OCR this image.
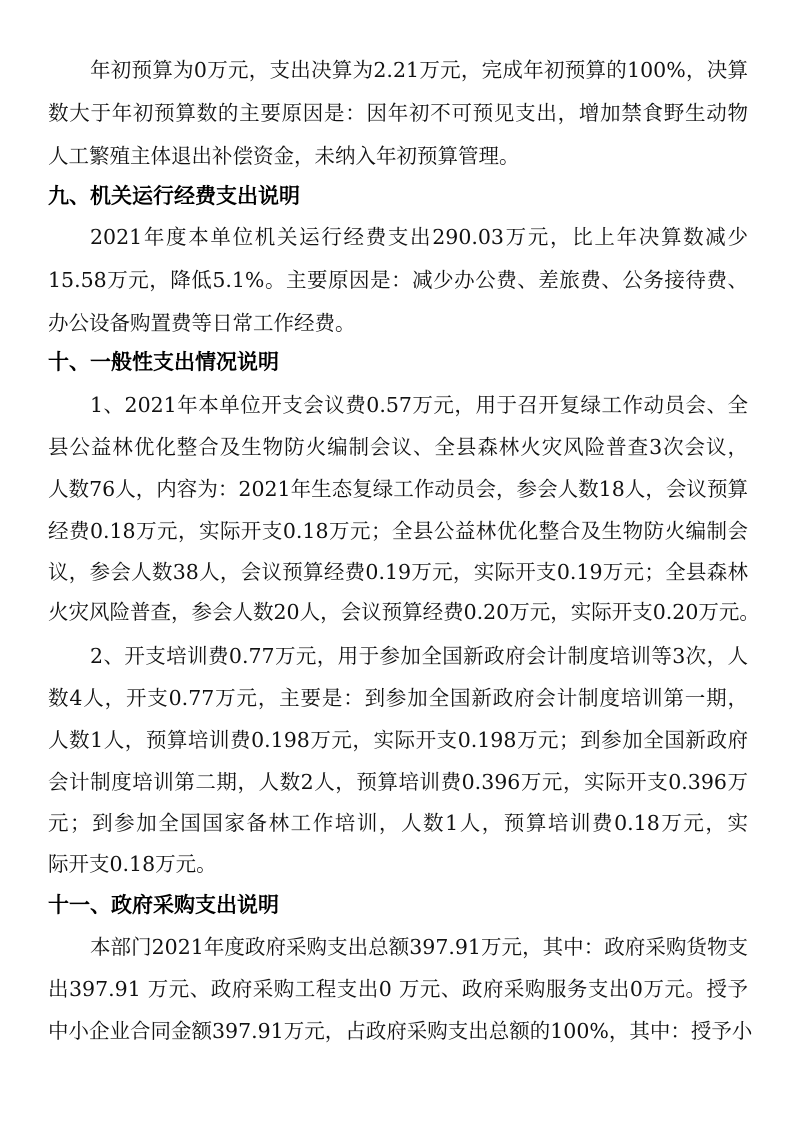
年初预算为0万元，支出决算为2.21万元，完成年初预算的100%，决算
数大于年初预算数的主要原因是：因年初不可预见支出，增加禁食野生动物
人工繁殖主体退出补偿资金，未纳入年初预算管理。
九、机关运行经费支出说明
2021年度本单位机关运行经费支出290.03万元，比上年决算数减少
15.58万元，降低5.1%。主要原因是：减少办公费、差旅费、公务接待费、
办公设备购置费等日常工作经费。
十、一般性支出情况说明
1、2021年本单位开支会议费0.57万元，用于召开复绿工作动员会、全
县公益林优化整合及生物防火编制会议、全县森林火灾风险普查3次会议，
人数76人，内容为：2021年生态复绿工作动员会，参会人数18人，会议预算
经费0.18万元，实际开支0.18万元；全县公益林优化整合及生物防火编制会
议，参会人数38人，会议预算经费0.19万元，实际开支0.19万元；全县森林
火灾风险普查，参会人数20人，会议预算经费0.20万元，实际开支0.20万元。
2、开支培训费0.77万元，用于参加全国新政府会计制度培训等3次，人
数4人，开支0.77万元，主要是：到参加全国新政府会计制度培训第一期，
人数1人，预算培训费0.198万元，实际开支0.198万元；到参加全国新政府
会计制度培训第二期，人数2人，预算培训费0.396万元，实际开支0.396万
元；到参加全国国家备林工作培训，人数1人，预算培训费0.18万元，实
际开支0.18万元。
十一、政府采购支出说明
本部门2021年度政府采购支出总额397.91万元，其中：政府采购货物支
出397.91 万元、政府采购工程支出0 万元、政府采购服务支出0万元。授予
中小企业合同金额397.91万元，占政府采购支出总额的100%，其中：授予小
